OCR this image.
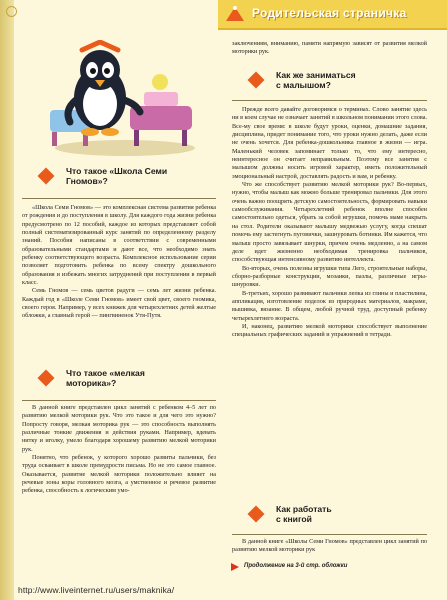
Родительская страничка
Что такое «Школа Семи
Гномов»?

«Школа Семи Гномов» — это комплексная система развития ребенка от рождения и до поступления в школу. Для каждого года жизни ребенка предусмотрено по 12 пособий, каждое из которых представляет собой полный систематизированный курс занятий по определенному разделу знаний. Пособия написаны в соответствии с современными образовательными стандартами и дают все, что необходимо знать ребенку соответствующего возраста. Комплексное использование серии позволяет подготовить ребенка по всему спектру дошкольного образования и избежать многих затруднений при поступлении в первый класс.

Семь Гномов — семь цветов радуги — семь лет жизни ребенка. Каждый год в «Школе Семи Гномов» имеет свой цвет, своего гномика, своего героя. Например, у всех книжек для четырехлетних детей желтые обложки, а главный герой — пингвиненок Утя-Путя.

Что такое «мелкая
моторика»?

В данной книге представлен цикл занятий с ребенком 4–5 лет по развитию мелкой моторики рук. Что это такое и для чего это нужно? Попросту говоря, мелкая моторика рук — это способность выполнять различные тонкие движения и действия руками. Например, вдевать нитку и иголку, умело благодаря хорошему развитию мелкой моторики рук.

Понятно, что ребенок, у которого хорошо развиты пальчики, без труда осваивает в школе премудрости письма. Но не это самое главное. Оказывается, развитие мелкой моторики положительно влияет на речевые зоны коры головного мозга, а умственное и речевое развитие ребенка, способность к логическим умо-

заключениям, вниманию, памяти напрямую зависят от развития мелкой моторики рук.

Как же заниматься
с малышом?

Прежде всего давайте договоримся о терминах. Слово занятие здесь ни в коем случае не означает занятий в школьном понимании этого слова. Все-му свое время: в школе будут уроки, оценки, домашние задания, дисциплина, придет понимание того, что уроки нужно делать, даже если не очень хочется. Для ребенка-дошкольника главное в жизни — игра. Маленький человек запоминает только то, что ему интересно, неинтересное он считает неправильным. Поэтому все занятия с малышом должны носить игровой характер, иметь положительный эмоциональный настрой, доставлять радость и вам, и ребенку.

Что же способствует развитию мелкой моторики рук? Во-первых, нужно, чтобы малыш как можно больше тренировал пальчики. Для этого очень важно поощрять детскую самостоятельность, формировать навыки самообслуживания. Четырехлетний ребенок вполне способен самостоятельно одеться, убрать за собой игрушки, помочь маме накрыть на стол. Родители оказывают малышу медвежью услугу, когда спешат помочь ему застегнуть пуговички, зашнуровать ботинки. Им кажется, что малыш просто завязывает шнурки, причем очень медленно, а на самом деле идет жизненно необходимая тренировка пальчиков, способствующая интенсивному развитию интеллекта.

Во-вторых, очень полезны игрушки типа Лего, строительные наборы, сборно-разборные конструкции, мозаики, пазлы, различные игры-шнуровки.

В-третьих, хорошо развивают пальчики лепка из глины и пластилина, аппликация, изготовление поделок из природных материалов, макраме, вышивка, вязание. В общем, любой ручной труд, доступный ребенку четырехлетнего возраста.

И, наконец, развитию мелкой моторики способствует выполнение специальных графических заданий и упражнений в тетради.

Как работать
с книгой

В данной книге «Школы Семи Гномов» представлен цикл занятий по развитию мелкой моторики рук

Продолжение на 3-й стр. обложки
http://www.liveinternet.ru/users/maknika/
